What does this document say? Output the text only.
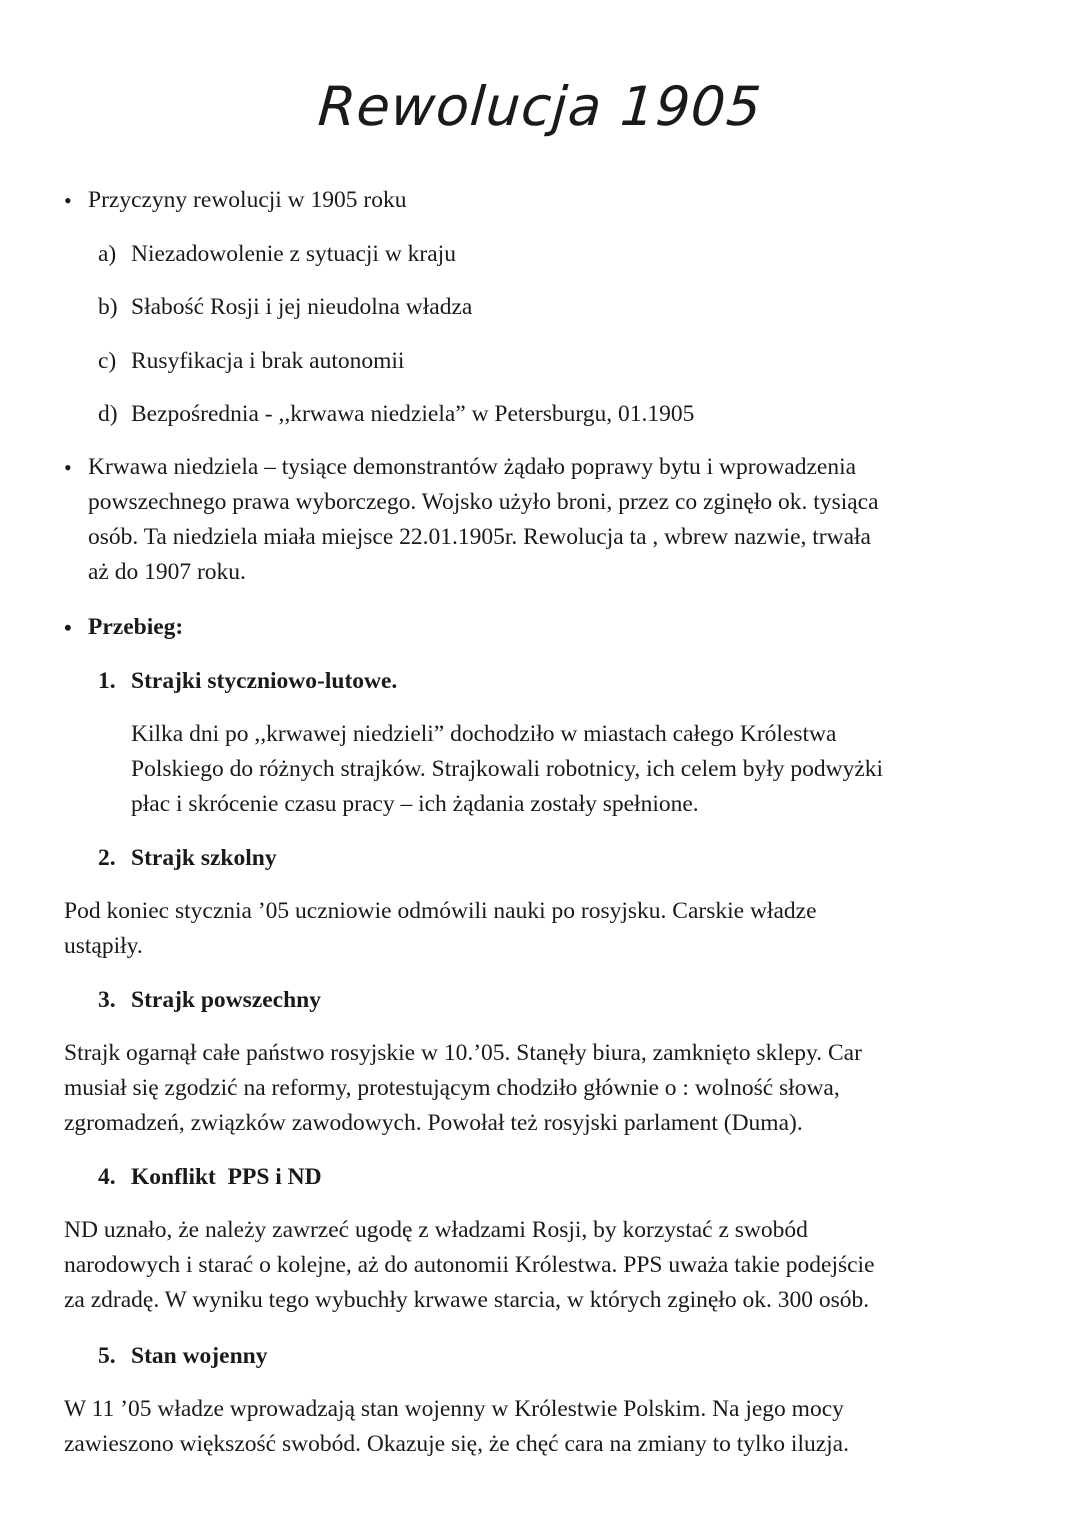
Rewolucja 1905
• Przyczyny rewolucji w 1905 roku
a) Niezadowolenie z sytuacji w kraju
b) Słabość Rosji i jej nieudolna władza
c) Rusyfikacja i brak autonomii
d) Bezpośrednia - ,,krwawa niedziela” w Petersburgu, 01.1905
• Krwawa niedziela – tysiące demonstrantów żądało poprawy bytu i wprowadzenia
powszechnego prawa wyborczego. Wojsko użyło broni, przez co zginęło ok. tysiąca
osób. Ta niedziela miała miejsce 22.01.1905r. Rewolucja ta , wbrew nazwie, trwała
aż do 1907 roku.
• Przebieg:
1. Strajki styczniowo-lutowe.
Kilka dni po ,,krwawej niedzieli” dochodziło w miastach całego Królestwa
Polskiego do różnych strajków. Strajkowali robotnicy, ich celem były podwyżki
płac i skrócenie czasu pracy – ich żądania zostały spełnione.
2. Strajk szkolny
Pod koniec stycznia ’05 uczniowie odmówili nauki po rosyjsku. Carskie władze
ustąpiły.
3. Strajk powszechny
Strajk ogarnął całe państwo rosyjskie w 10.’05. Stanęły biura, zamknięto sklepy. Car
musiał się zgodzić na reformy, protestującym chodziło głównie o : wolność słowa,
zgromadzeń, związków zawodowych. Powołał też rosyjski parlament (Duma).
4. Konflikt  PPS i ND
ND uznało, że należy zawrzeć ugodę z władzami Rosji, by korzystać z swobód
narodowych i starać o kolejne, aż do autonomii Królestwa. PPS uważa takie podejście
za zdradę. W wyniku tego wybuchły krwawe starcia, w których zginęło ok. 300 osób.
5. Stan wojenny
W 11 ’05 władze wprowadzają stan wojenny w Królestwie Polskim. Na jego mocy
zawieszono większość swobód. Okazuje się, że chęć cara na zmiany to tylko iluzja.
